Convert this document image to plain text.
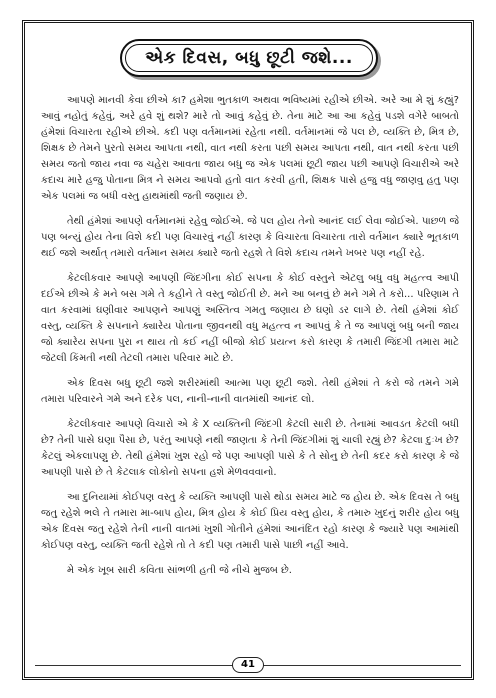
એક દિવસ, બધુ છૂટી જશે...

આપણે માનવી કેવા છીએ કા? હમેશા ભુતકાળ અથવા ભવિષ્યમાં રહીએ છીએ. અરે આ મે શું કહ્યું? આવું નહોતું કહેવું, અરે હવે શું થશે? મારે તો આવું કહેવું છે. તેના માટે આ આ કહેવું પડશે વગેરે બાબતો હંમેશાં વિચારતા રહીએ છીએ. કદી પણ વર્તમાનમાં રહેતા નથી. વર્તમાનમાં જે પલ છે, વ્યક્તિ છે, મિત્ર છે, શિક્ષક છે તેમને પુરતો સમય આપતા નથી, વાત નથી કરતા પછી સમય આપતા નથી, વાત નથી કરતા પછી સમય જતો જાય નવા જ ચહેરા આવતા જાય બધુ જ એક પલમાં છૂટી જાય પછી આપણે વિચારીએ અરે કદાચ મારે હજુ પોતાના મિત્ર ને સમય આપવો હતો વાત કરવી હતી, શિક્ષક પાસે હજુ વધુ જાણવુ હતુ પણ એક પલમાં જ બધી વસ્તુ હાથમાંથી જતી જણાય છે.

તેથી હંમેશાં આપણે વર્તમાનમાં રહેવુ જોઈએ. જે પલ હોય તેનો આનંદ લઈ લેવા જોઈએ. પાછળ જે પણ બન્યું હોય તેના વિશે કદી પણ વિચારવું નહીં કારણ કે વિચારતા વિચારતા તારો વર્તમાન ક્યારે ભૂતકાળ થઈ જશે અર્થાત્ તમારો વર્તમાન સમય ક્યારે જતો રહશે તે વિશે કદાચ તમને ખબર પણ નહીં રહે.

કેટલીકવાર આપણે આપણી જિંદગીના કોઈ સપના કે કોઈ વસ્તુને એટલુ બધુ વધુ મહત્ત્વ આપી દઈએ છીએ કે મને બસ ગમે તે કહીને તે વસ્તુ જોઈતી છે. મને આ બનવું છે મને ગમે તે કરો... પરિણામ તે વાત કરવામાં ઘણીવાર આપણને આપણું અસ્તિત્વ ગમતુ જણાય છે ઘણો ડર લાગે છે. તેથી હંમેશાં કોઈ વસ્તુ, વ્યક્તિ કે સપનાને ક્યારેય પોતાના જીવનથી વધુ મહત્ત્વ ન આપવું કે તે જ આપણું બધુ બની જાય જો ક્યારેય સપના પુરા ન થાય તો કઈ નહીં બીજો કોઈ પ્રયત્ન કરો કારણ કે તમારી જિંદગી તમારા માટે જેટલી કિંમતી નથી તેટલી તમારા પરિવાર માટે છે.

એક દિવસ બધુ છૂટી જશે શરીરમાંથી આત્મા પણ છૂટી જશે. તેથી હંમેશાં તે કરો જે તમને ગમે તમારા પરિવારને ગમે અને દરેક પલ, નાની-નાની વાતમાંથી આનંદ લો.

કેટલીકવાર આપણે વિચારો એ કે X વ્યક્તિની જિંદગી કેટલી સારી છે. તેનામાં આવડત કેટલી બધી છે? તેની પાસે ઘણા પૈસા છે, પરંતુ આપણે નથી જાણતા કે તેની જિંદગીમાં શું ચાલી રહ્યું છે? કેટલા દુઃખ છે? કેટલું એકલાપણુ છે. તેથી હંમેશાં ખુશ રહો જે પણ આપણી પાસે કે તે સોનુ છે તેની કદર કરો કારણ કે જે આપણી પાસે છે તે કેટલાક લોકોનો સપના હશે મેળવવવાનો.

આ દુનિયામાં કોઈપણ વસ્તુ કે વ્યક્તિ આપણી પાસે થોડા સમય માટે જ હોય છે. એક દિવસ તે બધુ જતુ રહેશે ભલે તે તમારા મા-બાપ હોય, મિત્ર હોય કે કોઈ પ્રિય વસ્તુ હોય, કે તમારુ ખુદનું શરીર હોય બધુ એક દિવસ જતુ રહેશે તેની નાની વાતમાં ખુશી ગોતીને હંમેશાં આનંદિત રહો કારણ કે જ્યારે પણ આમાંથી કોઈપણ વસ્તુ, વ્યક્તિ જતી રહેશે તો તે કદી પણ તમારી પાસે પાછી નહીં આવે.

મે એક ખૂબ સારી કવિતા સાંભળી હતી જે નીચે મુજબ છે.

41
